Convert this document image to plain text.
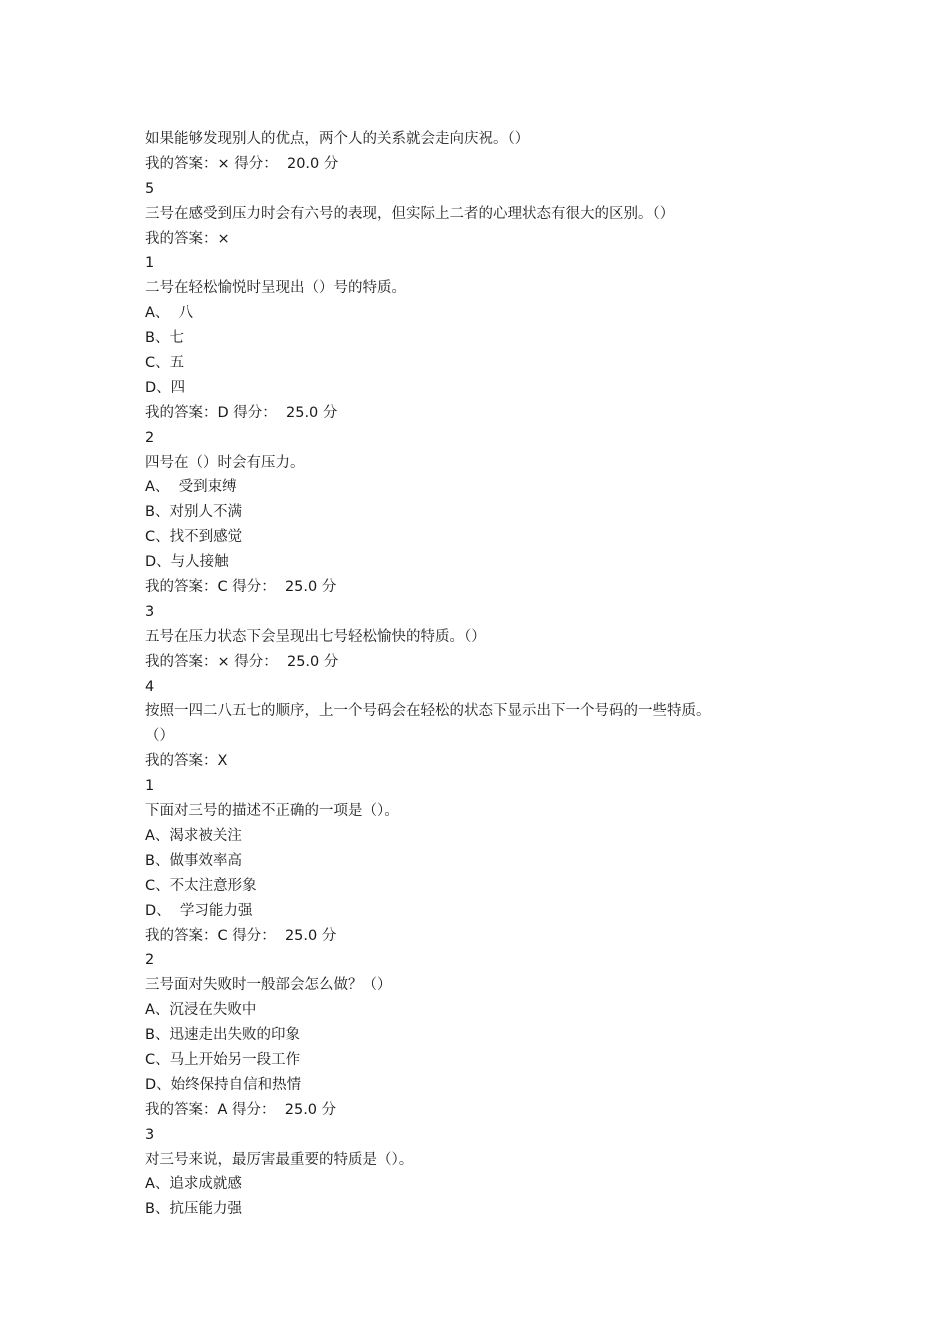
如果能够发现别人的优点，两个人的关系就会走向庆祝。（）
我的答案：× 得分：  20.0 分
5
三号在感受到压力时会有六号的表现，但实际上二者的心理状态有很大的区别。（）
我的答案：×
1
二号在轻松愉悦时呈现出（）号的特质。
A、  八
B、七
C、五
D、四
我的答案：D 得分：  25.0 分
2
四号在（）时会有压力。
A、  受到束缚
B、对别人不满
C、找不到感觉
D、与人接触
我的答案：C 得分：  25.0 分
3
五号在压力状态下会呈现出七号轻松愉快的特质。（）
我的答案：× 得分：  25.0 分
4
按照一四二八五七的顺序，上一个号码会在轻松的状态下显示出下一个号码的一些特质。
（）
我的答案：X
1
下面对三号的描述不正确的一项是（）。
A、渴求被关注
B、做事效率高
C、不太注意形象
D、  学习能力强
我的答案：C 得分：  25.0 分
2
三号面对失败时一般部会怎么做？（）
A、沉浸在失败中
B、迅速走出失败的印象
C、马上开始另一段工作
D、始终保持自信和热情
我的答案：A 得分：  25.0 分
3
对三号来说，最厉害最重要的特质是（）。
A、追求成就感
B、抗压能力强
